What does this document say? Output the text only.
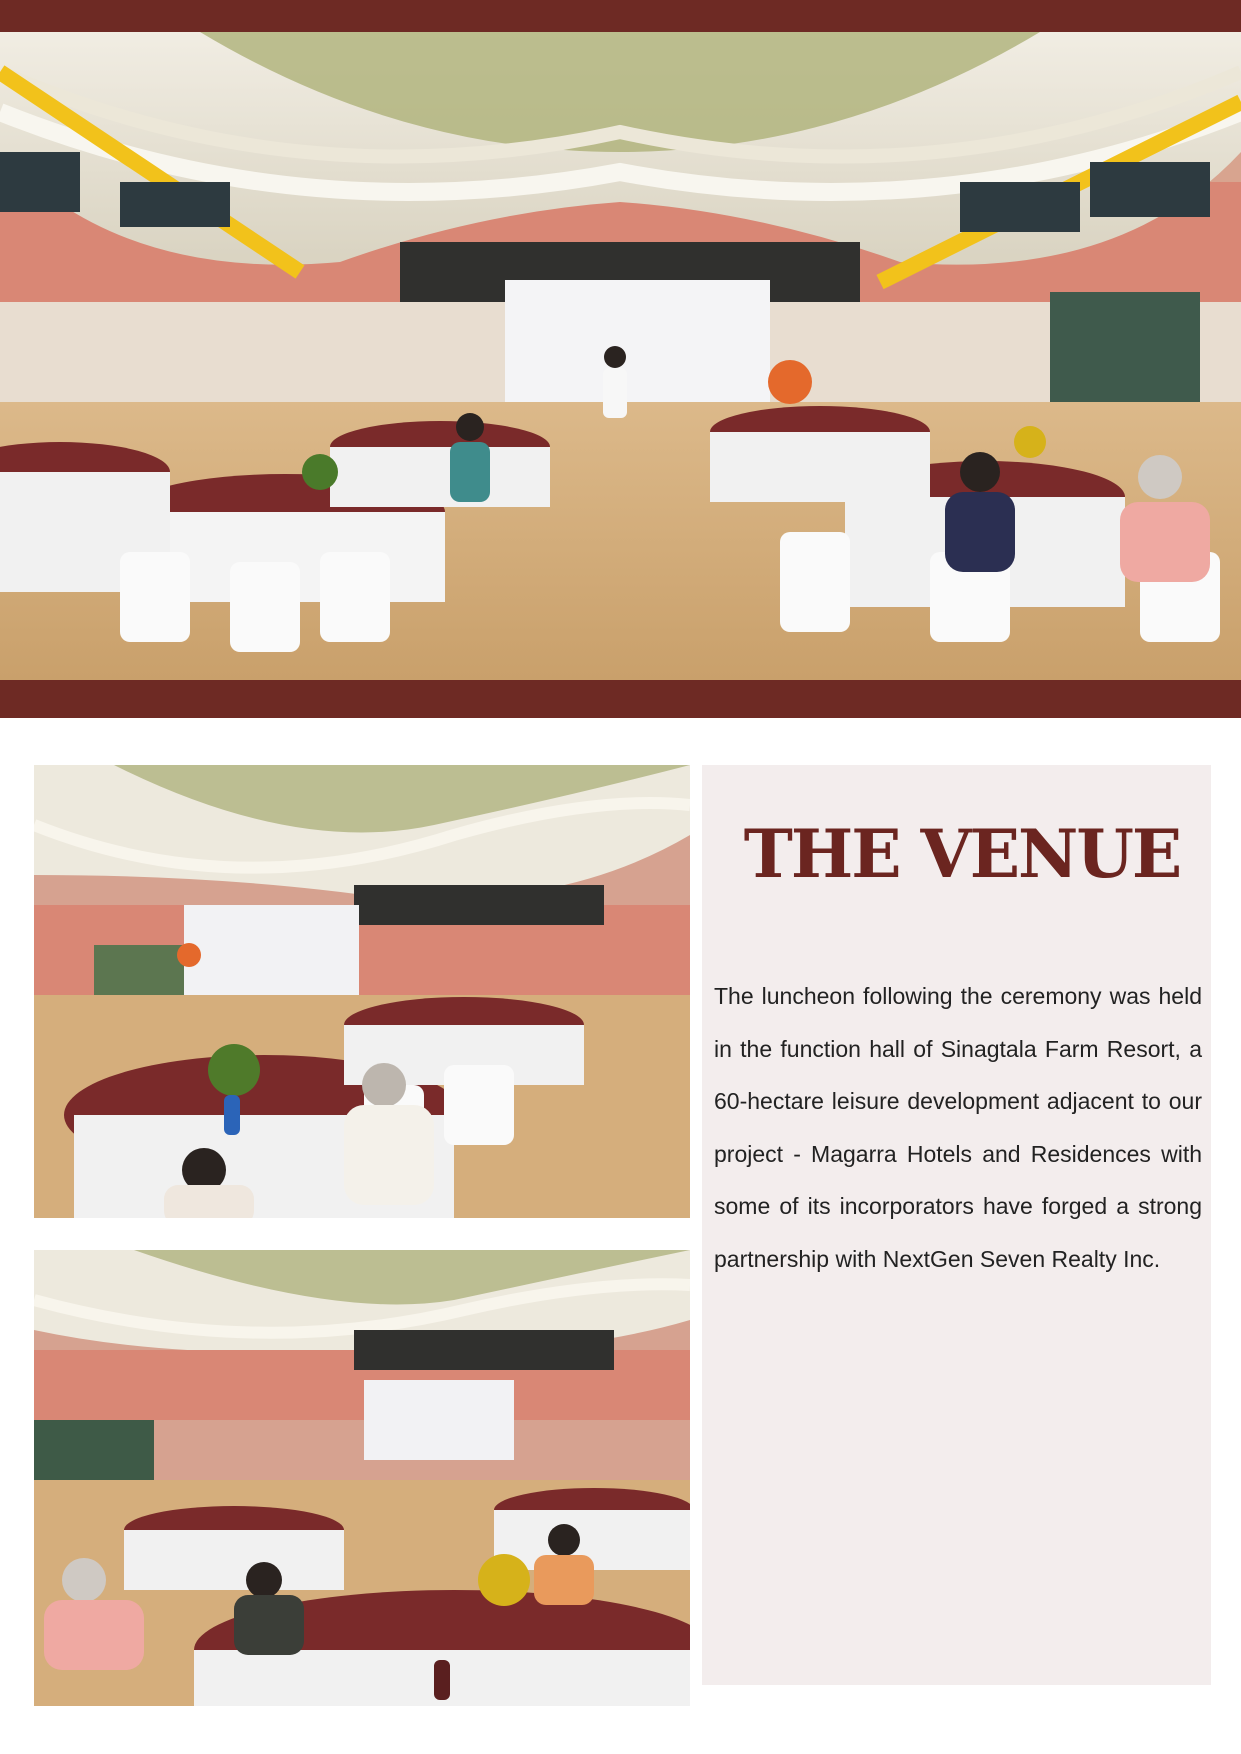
THE VENUE

The luncheon following the ceremony was held in the function hall of Sinagtala Farm Resort, a 60-hectare leisure development adjacent to our project - Magarra Hotels and Residences with some of its incorporators have forged a strong partnership with NextGen Seven Realty Inc.
